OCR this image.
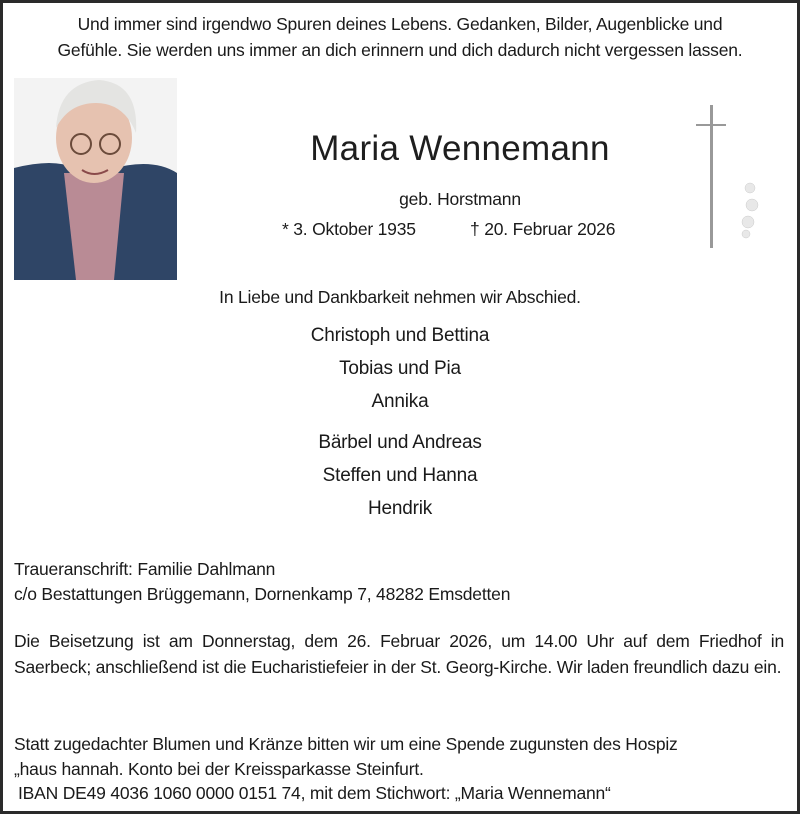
Und immer sind irgendwo Spuren deines Lebens. Gedanken, Bilder, Augenblicke und
Gefühle. Sie werden uns immer an dich erinnern und dich dadurch nicht vergessen lassen.
Maria Wennemann
geb. Horstmann
* 3. Oktober 1935	† 20. Februar 2026
In Liebe und Dankbarkeit nehmen wir Abschied.
Christoph und Bettina
Tobias und Pia
Annika
Bärbel und Andreas
Steffen und Hanna
Hendrik
Traueranschrift: Familie Dahlmann
c/o Bestattungen Brüggemann, Dornenkamp 7, 48282 Emsdetten
Die Beisetzung ist am Donnerstag, dem 26. Februar 2026, um 14.00 Uhr auf dem Friedhof in Saerbeck; anschließend ist die Eucharistiefeier in der St. Georg-Kirche. Wir laden freundlich dazu ein.
Statt zugedachter Blumen und Kränze bitten wir um eine Spende zugunsten des Hospiz
„haus hannah. Konto bei der Kreissparkasse Steinfurt.
IBAN DE49 4036 1060 0000 0151 74, mit dem Stichwort: „Maria Wennemann“
